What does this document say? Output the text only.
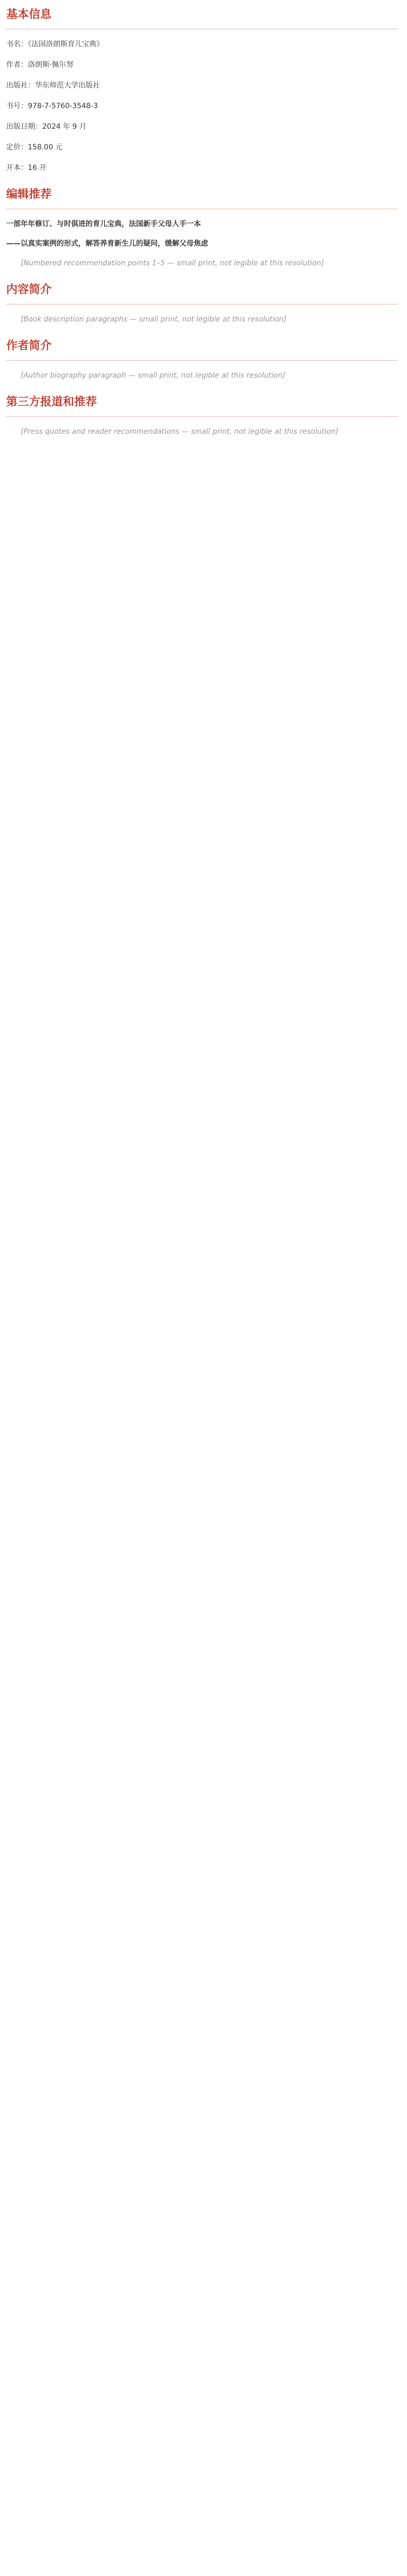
基本信息
书名 ： 《法国洛朗斯育儿宝典》
作者 ： 洛朗斯·佩尔努
出版社 ： 华东师范大学出版社
书号 ： 978-7-5760-3548-3
出版日期 ： 2024 年 9 月
定价 ： 158.00 元
开本 ： 16 开
编辑推荐
一部年年修订、与时俱进的育儿宝典，法国新手父母人手一本
——以真实案例的形式，解答养育新生儿的疑问，缓解父母焦虑
[Numbered recommendation points 1–5 — small print, not legible at this resolution]
内容简介
[Book description paragraphs — small print, not legible at this resolution]
作者简介
[Author biography paragraph — small print, not legible at this resolution]
第三方报道和推荐
[Press quotes and reader recommendations — small print, not legible at this resolution]
